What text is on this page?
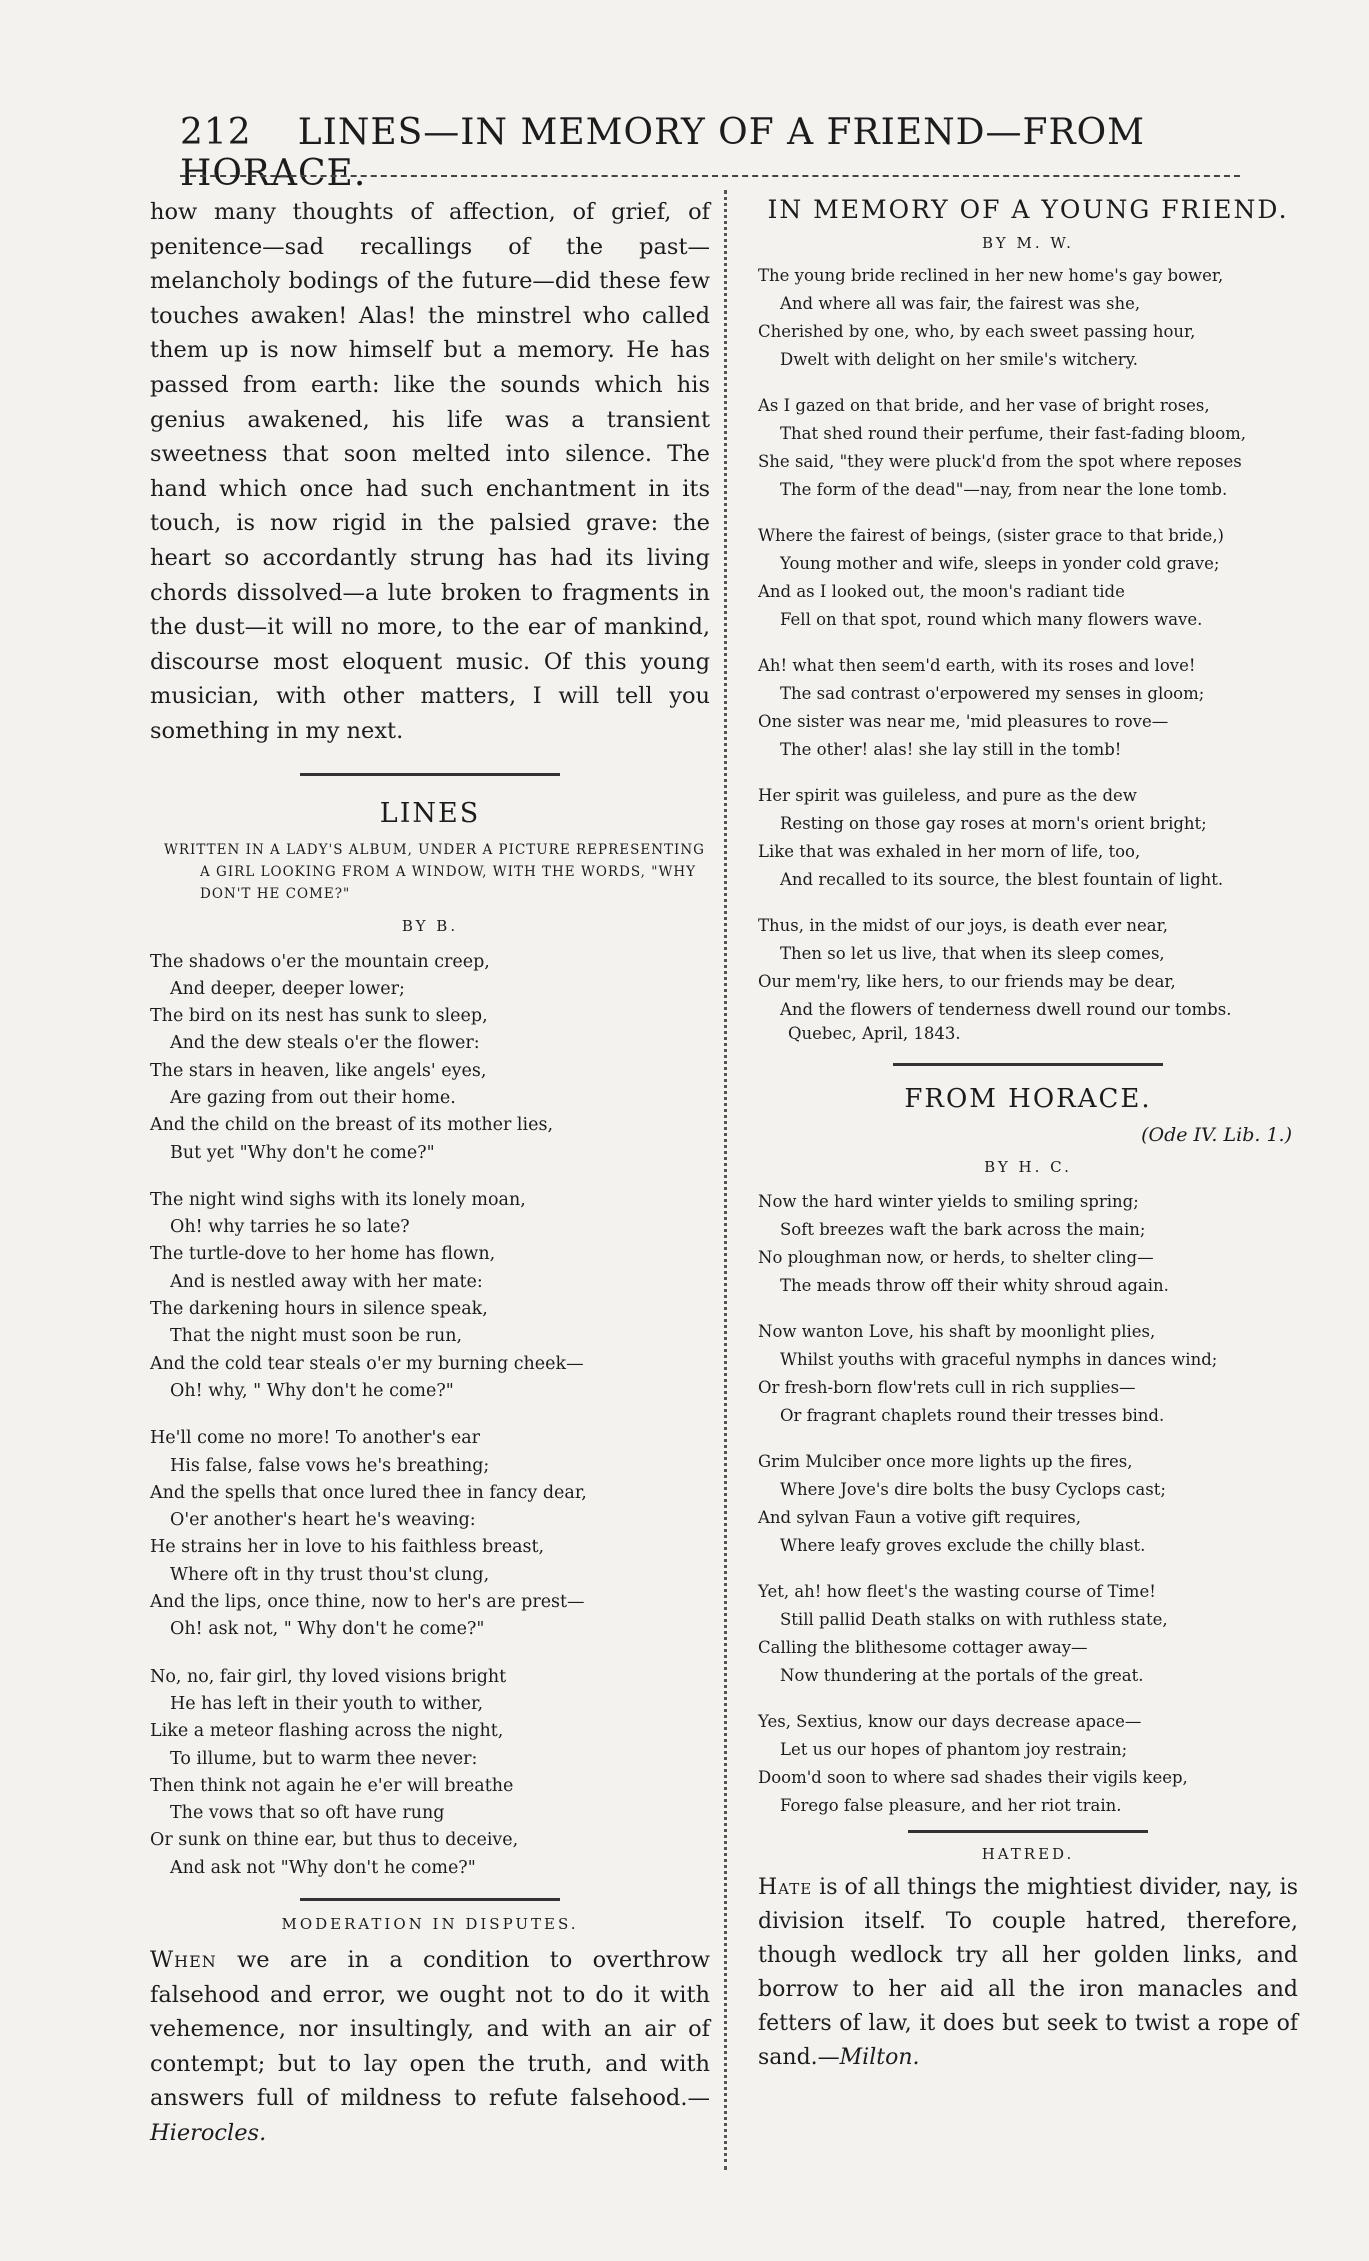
212 LINES—IN MEMORY OF A FRIEND—FROM HORACE.

how many thoughts of affection, of grief, of penitence—sad recallings of the past—melancholy bodings of the future—did these few touches awaken! Alas! the minstrel who called them up is now himself but a memory. He has passed from earth: like the sounds which his genius awakened, his life was a transient sweetness that soon melted into silence. The hand which once had such enchantment in its touch, is now rigid in the palsied grave: the heart so accordantly strung has had its living chords dissolved—a lute broken to fragments in the dust—it will no more, to the ear of mankind, discourse most eloquent music. Of this young musician, with other matters, I will tell you something in my next.

LINES

WRITTEN IN A LADY'S ALBUM, UNDER A PICTURE REPRESENTING A GIRL LOOKING FROM A WINDOW, WITH THE WORDS, "WHY DON'T HE COME?"

BY B.

The shadows o'er the mountain creep,
And deeper, deeper lower;
The bird on its nest has sunk to sleep,
And the dew steals o'er the flower:
The stars in heaven, like angels' eyes,
Are gazing from out their home.
And the child on the breast of its mother lies,
But yet "Why don't he come?"
The night wind sighs with its lonely moan,
Oh! why tarries he so late?
The turtle-dove to her home has flown,
And is nestled away with her mate:
The darkening hours in silence speak,
That the night must soon be run,
And the cold tear steals o'er my burning cheek—
Oh! why, " Why don't he come?"
He'll come no more! To another's ear
His false, false vows he's breathing;
And the spells that once lured thee in fancy dear,
O'er another's heart he's weaving:
He strains her in love to his faithless breast,
Where oft in thy trust thou'st clung,
And the lips, once thine, now to her's are prest—
Oh! ask not, " Why don't he come?"
No, no, fair girl, thy loved visions bright
He has left in their youth to wither,
Like a meteor flashing across the night,
To illume, but to warm thee never:
Then think not again he e'er will breathe
The vows that so oft have rung
Or sunk on thine ear, but thus to deceive,
And ask not "Why don't he come?"

MODERATION IN DISPUTES.

When we are in a condition to overthrow falsehood and error, we ought not to do it with vehemence, nor insultingly, and with an air of contempt; but to lay open the truth, and with answers full of mildness to refute falsehood.—Hierocles.

IN MEMORY OF A YOUNG FRIEND.

BY M. W.

The young bride reclined in her new home's gay bower,
And where all was fair, the fairest was she,
Cherished by one, who, by each sweet passing hour,
Dwelt with delight on her smile's witchery.
As I gazed on that bride, and her vase of bright roses,
That shed round their perfume, their fast-fading bloom,
She said, "they were pluck'd from the spot where reposes
The form of the dead"—nay, from near the lone tomb.
Where the fairest of beings, (sister grace to that bride,)
Young mother and wife, sleeps in yonder cold grave;
And as I looked out, the moon's radiant tide
Fell on that spot, round which many flowers wave.
Ah! what then seem'd earth, with its roses and love!
The sad contrast o'erpowered my senses in gloom;
One sister was near me, 'mid pleasures to rove—
The other! alas! she lay still in the tomb!
Her spirit was guileless, and pure as the dew
Resting on those gay roses at morn's orient bright;
Like that was exhaled in her morn of life, too,
And recalled to its source, the blest fountain of light.
Thus, in the midst of our joys, is death ever near,
Then so let us live, that when its sleep comes,
Our mem'ry, like hers, to our friends may be dear,
And the flowers of tenderness dwell round our tombs.

Quebec, April, 1843.

FROM HORACE.

(Ode IV. Lib. 1.)

BY H. C.

Now the hard winter yields to smiling spring;
Soft breezes waft the bark across the main;
No ploughman now, or herds, to shelter cling—
The meads throw off their whity shroud again.
Now wanton Love, his shaft by moonlight plies,
Whilst youths with graceful nymphs in dances wind;
Or fresh-born flow'rets cull in rich supplies—
Or fragrant chaplets round their tresses bind.
Grim Mulciber once more lights up the fires,
Where Jove's dire bolts the busy Cyclops cast;
And sylvan Faun a votive gift requires,
Where leafy groves exclude the chilly blast.
Yet, ah! how fleet's the wasting course of Time!
Still pallid Death stalks on with ruthless state,
Calling the blithesome cottager away—
Now thundering at the portals of the great.
Yes, Sextius, know our days decrease apace—
Let us our hopes of phantom joy restrain;
Doom'd soon to where sad shades their vigils keep,
Forego false pleasure, and her riot train.

HATRED.

Hate is of all things the mightiest divider, nay, is division itself. To couple hatred, therefore, though wedlock try all her golden links, and borrow to her aid all the iron manacles and fetters of law, it does but seek to twist a rope of sand.—Milton.
